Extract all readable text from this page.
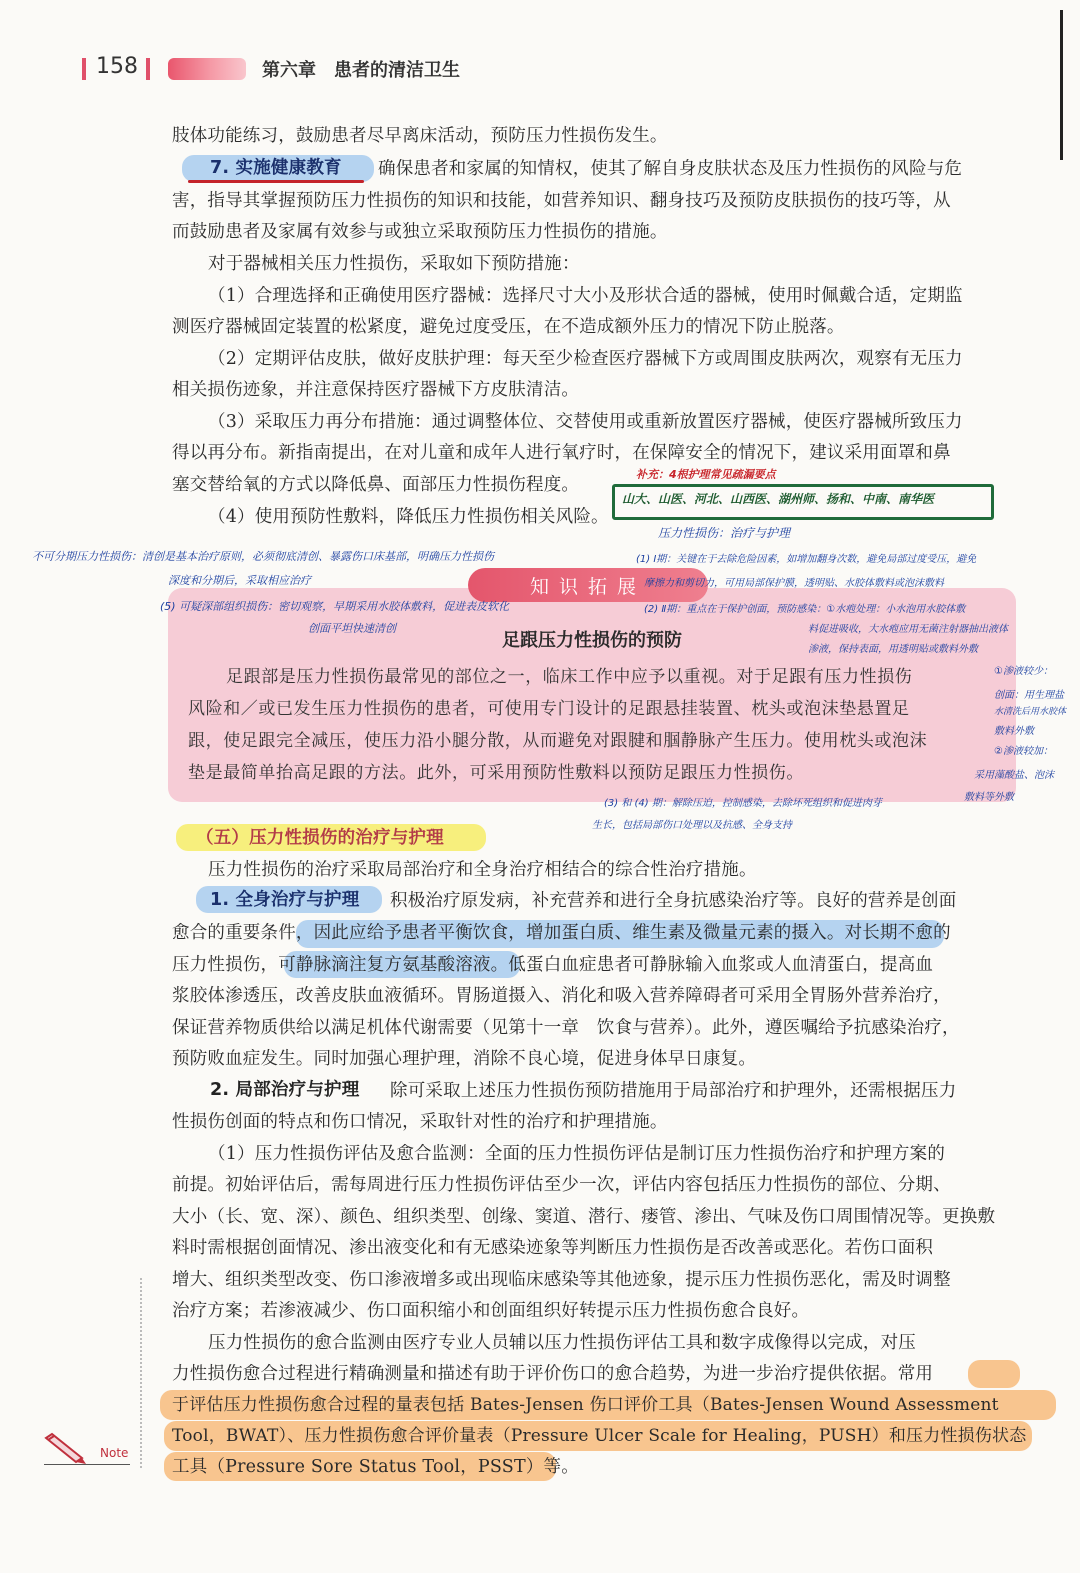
158	第六章　患者的清洁卫生
肢体功能练习，鼓励患者尽早离床活动，预防压力性损伤发生。
7. 实施健康教育 确保患者和家属的知情权，使其了解自身皮肤状态及压力性损伤的风险与危
害，指导其掌握预防压力性损伤的知识和技能，如营养知识、翻身技巧及预防皮肤损伤的技巧等，从
而鼓励患者及家属有效参与或独立采取预防压力性损伤的措施。
对于器械相关压力性损伤，采取如下预防措施：
（1）合理选择和正确使用医疗器械：选择尺寸大小及形状合适的器械，使用时佩戴合适，定期监
测医疗器械固定装置的松紧度，避免过度受压，在不造成额外压力的情况下防止脱落。
（2）定期评估皮肤，做好皮肤护理：每天至少检查医疗器械下方或周围皮肤两次，观察有无压力
相关损伤迹象，并注意保持医疗器械下方皮肤清洁。
（3）采取压力再分布措施：通过调整体位、交替使用或重新放置医疗器械，使医疗器械所致压力
得以再分布。新指南提出，在对儿童和成年人进行氧疗时，在保障安全的情况下，建议采用面罩和鼻
塞交替给氧的方式以降低鼻、面部压力性损伤程度。
（4）使用预防性敷料，降低压力性损伤相关风险。
补充：4根护理常见疏漏要点
山大、山医、河北、山西医、湖州师、扬和、中南、南华医
压力性损伤：治疗与护理
知识拓展
足跟压力性损伤的预防
足跟部是压力性损伤最常见的部位之一，临床工作中应予以重视。对于足跟有压力性损伤
风险和／或已发生压力性损伤的患者，可使用专门设计的足跟悬挂装置、枕头或泡沫垫悬置足
跟，使足跟完全减压，使压力沿小腿分散，从而避免对跟腱和腘静脉产生压力。使用枕头或泡沫
垫是最简单抬高足跟的方法。此外，可采用预防性敷料以预防足跟压力性损伤。
不可分期压力性损伤：清创是基本治疗原则，必须彻底清创、暴露伤口床基部，明确压力性损伤
深度和分期后，采取相应治疗
(5) 可疑深部组织损伤：密切观察，早期采用水胶体敷料，促进表皮软化
创面平坦快速清创
(1) Ⅰ期：关键在于去除危险因素，如增加翻身次数，避免局部过度受压，避免
摩擦力和剪切力，可用局部保护膜，透明贴、水胶体敷料或泡沫敷料
(2) Ⅱ期：重点在于保护创面，预防感染：①水疱处理：小水泡用水胶体敷
料促进吸收，大水疱应用无菌注射器抽出液体
渗液，保持表面，用透明贴或敷料外敷
①渗液较少：
创面：用生理盐
水清洗后用水胶体
敷料外敷
②渗液较加：
采用藻酸盐、泡沫
敷料等外敷
(3) 和 (4) 期：解除压迫，控制感染，去除坏死组织和促进肉芽
生长，包括局部伤口处理以及抗感、全身支持
（五）压力性损伤的治疗与护理
压力性损伤的治疗采取局部治疗和全身治疗相结合的综合性治疗措施。
1. 全身治疗与护理 积极治疗原发病，补充营养和进行全身抗感染治疗等。良好的营养是创面
愈合的重要条件，因此应给予患者平衡饮食，增加蛋白质、维生素及微量元素的摄入。对长期不愈的
压力性损伤，可静脉滴注复方氨基酸溶液。低蛋白血症患者可静脉输入血浆或人血清蛋白，提高血
浆胶体渗透压，改善皮肤血液循环。胃肠道摄入、消化和吸入营养障碍者可采用全胃肠外营养治疗，
保证营养物质供给以满足机体代谢需要（见第十一章　饮食与营养）。此外，遵医嘱给予抗感染治疗，
预防败血症发生。同时加强心理护理，消除不良心境，促进身体早日康复。
2. 局部治疗与护理 除可采取上述压力性损伤预防措施用于局部治疗和护理外，还需根据压力
性损伤创面的特点和伤口情况，采取针对性的治疗和护理措施。
（1）压力性损伤评估及愈合监测：全面的压力性损伤评估是制订压力性损伤治疗和护理方案的
前提。初始评估后，需每周进行压力性损伤评估至少一次，评估内容包括压力性损伤的部位、分期、
大小（长、宽、深）、颜色、组织类型、创缘、窦道、潜行、瘘管、渗出、气味及伤口周围情况等。更换敷
料时需根据创面情况、渗出液变化和有无感染迹象等判断压力性损伤是否改善或恶化。若伤口面积
增大、组织类型改变、伤口渗液增多或出现临床感染等其他迹象，提示压力性损伤恶化，需及时调整
治疗方案；若渗液减少、伤口面积缩小和创面组织好转提示压力性损伤愈合良好。
压力性损伤的愈合监测由医疗专业人员辅以压力性损伤评估工具和数字成像得以完成，对压
力性损伤愈合过程进行精确测量和描述有助于评价伤口的愈合趋势，为进一步治疗提供依据。常用
于评估压力性损伤愈合过程的量表包括 Bates-Jensen 伤口评价工具（Bates-Jensen Wound Assessment
Tool，BWAT）、压力性损伤愈合评价量表（Pressure Ulcer Scale for Healing，PUSH）和压力性损伤状态
工具（Pressure Sore Status Tool，PSST）等。
Note
